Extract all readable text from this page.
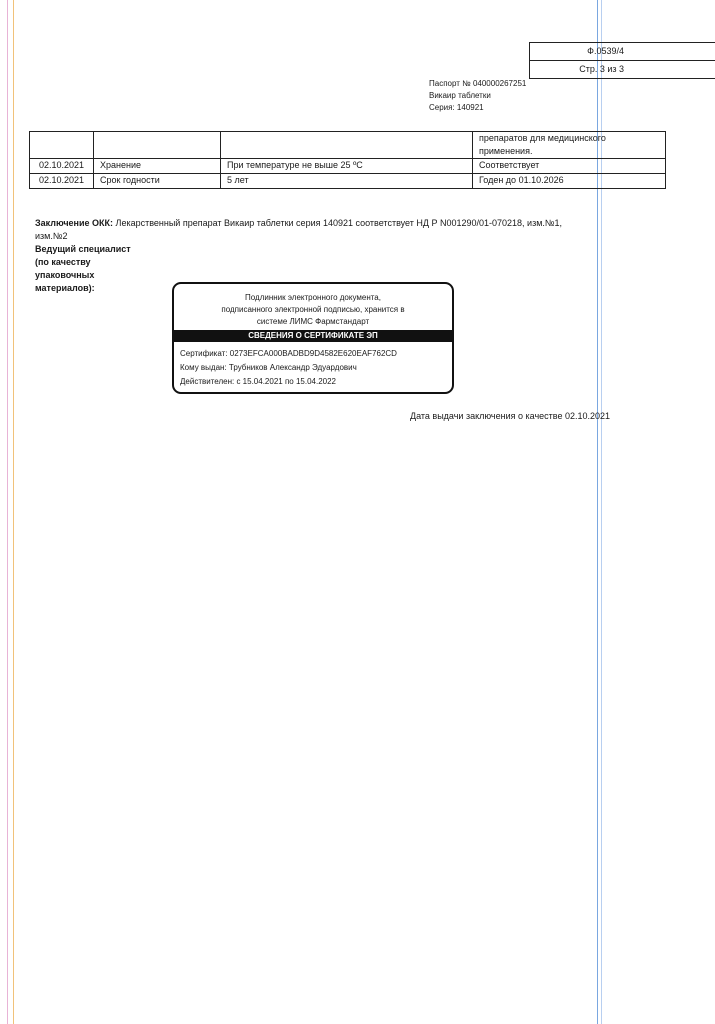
Ф.0539/4
Стр. 3 из 3
Паспорт № 040000267251
Викаир таблетки
Серия: 140921
			препаратов для медицинского применения.
02.10.2021	Хранение	При температуре не выше 25 ºС	Соответствует
02.10.2021	Срок годности	5 лет	Годен до 01.10.2026
Заключение ОКК: Лекарственный препарат Викаир таблетки серия 140921 соответствует НД Р N001290/01-070218, изм.№1, изм.№2
Ведущий специалист (по качеству упаковочных материалов):
Подлинник электронного документа,
подписанного электронной подписью, хранится в
системе ЛИМС Фармстандарт
СВЕДЕНИЯ О СЕРТИФИКАТЕ ЭП
Сертификат: 0273EFCA000BADBD9D4582E620EAF762CD
Кому выдан: Трубников Александр Эдуардович
Действителен: с 15.04.2021 по 15.04.2022
Дата выдачи заключения о качестве 02.10.2021
